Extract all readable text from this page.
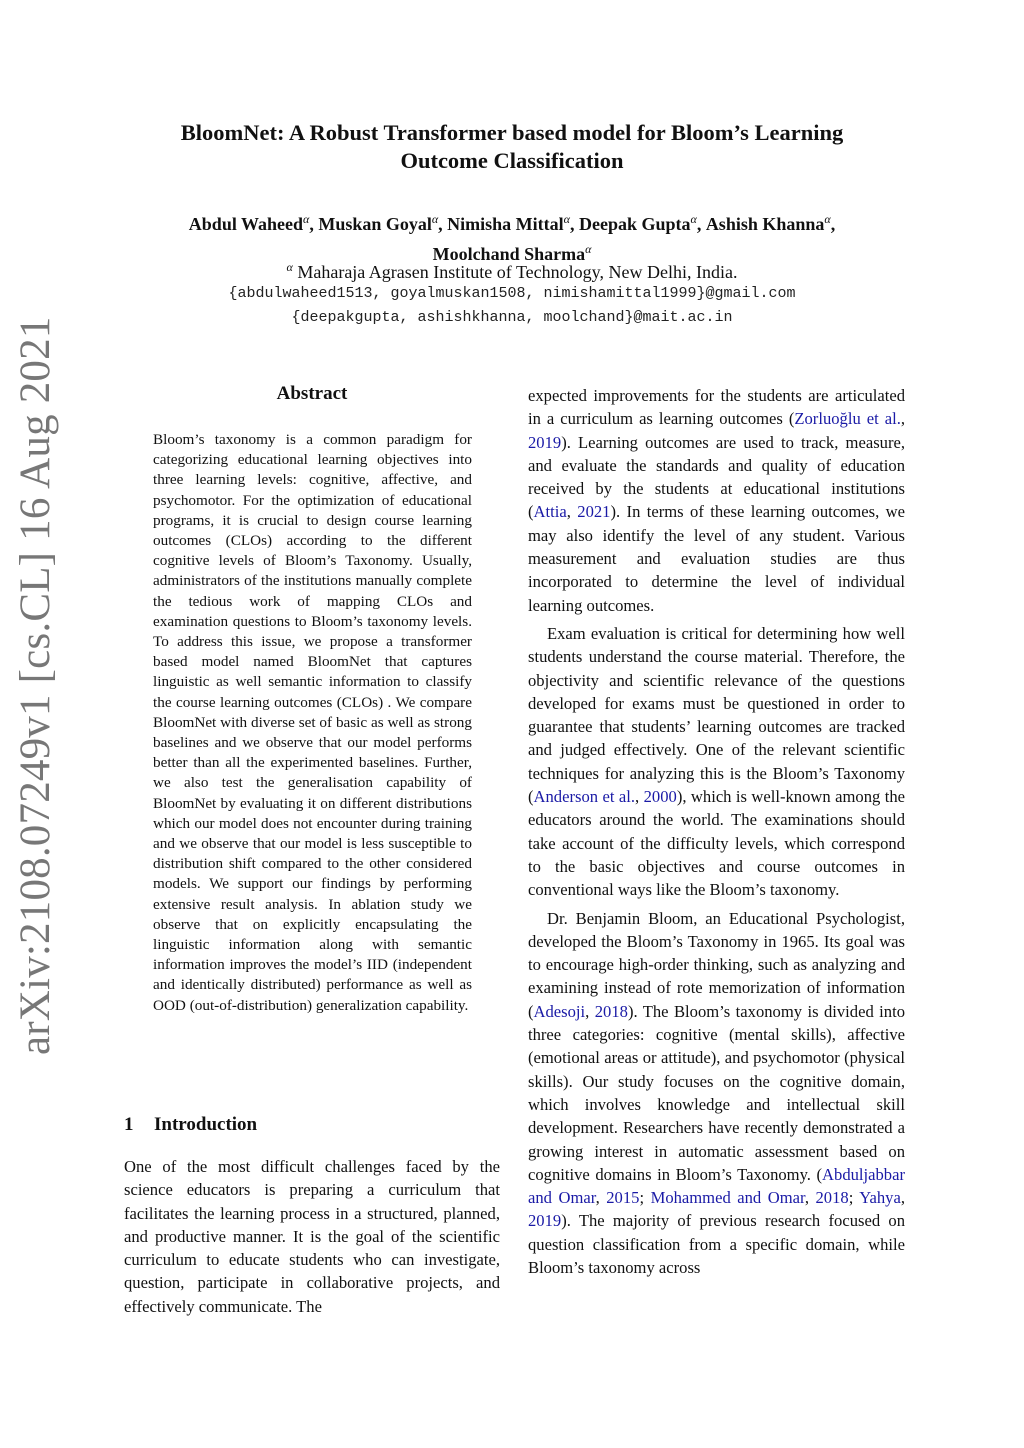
arXiv:2108.07249v1 [cs.CL] 16 Aug 2021
BloomNet: A Robust Transformer based model for Bloom’s Learning
Outcome Classification
Abdul Waheed$^\alpha$, Muskan Goyal$^\alpha$, Nimisha Mittal$^\alpha$, Deepak Gupta$^\alpha$, Ashish Khanna$^\alpha$,
Moolchand Sharma$^\alpha$
$^\alpha$ Maharaja Agrasen Institute of Technology, New Delhi, India.
{abdulwaheed1513, goyalmuskan1508, nimishamittal1999}@gmail.com
{deepakgupta, ashishkhanna, moolchand}@mait.ac.in
Abstract
Bloom’s taxonomy is a common paradigm for categorizing educational learning objectives into three learning levels: cognitive, affective, and psychomotor. For the optimization of educational programs, it is crucial to design course learning outcomes (CLOs) according to the different cognitive levels of Bloom’s Taxonomy. Usually, administrators of the institutions manually complete the tedious work of mapping CLOs and examination questions to Bloom’s taxonomy levels. To address this issue, we propose a transformer based model named BloomNet that captures linguistic as well semantic information to classify the course learning outcomes (CLOs) . We compare BloomNet with diverse set of basic as well as strong baselines and we observe that our model performs better than all the experimented baselines. Further, we also test the generalisation capability of BloomNet by evaluating it on different distributions which our model does not encounter during training and we observe that our model is less susceptible to distribution shift compared to the other considered models. We support our findings by performing extensive result analysis. In ablation study we observe that on explicitly encapsulating the linguistic information along with semantic information improves the model’s IID (independent and identically distributed) performance as well as OOD (out-of-distribution) generalization capability.
1 Introduction
One of the most difficult challenges faced by the science educators is preparing a curriculum that facilitates the learning process in a structured, planned, and productive manner. It is the goal of the scientific curriculum to educate students who can investigate, question, participate in collaborative projects, and effectively communicate. The

expected improvements for the students are articulated in a curriculum as learning outcomes (Zorluoğlu et al., 2019). Learning outcomes are used to track, measure, and evaluate the standards and quality of education received by the students at educational institutions (Attia, 2021). In terms of these learning outcomes, we may also identify the level of any student. Various measurement and evaluation studies are thus incorporated to determine the level of individual learning outcomes.

Exam evaluation is critical for determining how well students understand the course material. Therefore, the objectivity and scientific relevance of the questions developed for exams must be questioned in order to guarantee that students’ learning outcomes are tracked and judged effectively. One of the relevant scientific techniques for analyzing this is the Bloom’s Taxonomy (Anderson et al., 2000), which is well-known among the educators around the world. The examinations should take account of the difficulty levels, which correspond to the basic objectives and course outcomes in conventional ways like the Bloom’s taxonomy.

Dr. Benjamin Bloom, an Educational Psychologist, developed the Bloom’s Taxonomy in 1965. Its goal was to encourage high-order thinking, such as analyzing and examining instead of rote memorization of information (Adesoji, 2018). The Bloom’s taxonomy is divided into three categories: cognitive (mental skills), affective (emotional areas or attitude), and psychomotor (physical skills). Our study focuses on the cognitive domain, which involves knowledge and intellectual skill development. Researchers have recently demonstrated a growing interest in automatic assessment based on cognitive domains in Bloom’s Taxonomy. (Abduljabbar and Omar, 2015; Mohammed and Omar, 2018; Yahya, 2019). The majority of previous research focused on question classification from a specific domain, while Bloom’s taxonomy across
